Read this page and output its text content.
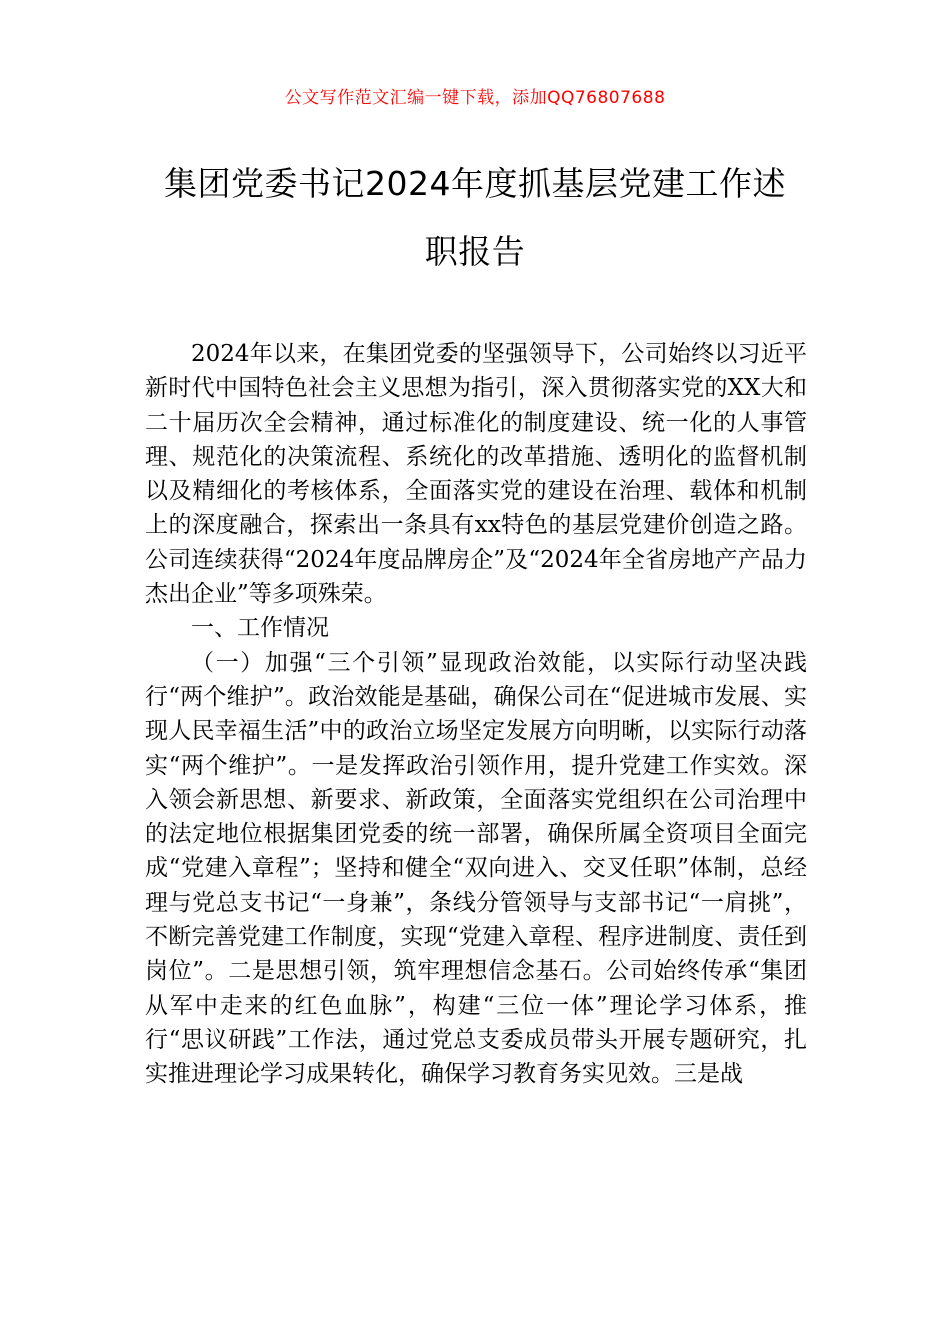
公文写作范文汇编一键下载，添加QQ76807688
集团党委书记2024年度抓基层党建工作述
职报告

2024年以来，在集团党委的坚强领导下，公司始终以习近平新时代中国特色社会主义思想为指引，深入贯彻落实党的XX大和二十届历次全会精神，通过标准化的制度建设、统一化的人事管理、规范化的决策流程、系统化的改革措施、透明化的监督机制以及精细化的考核体系，全面落实党的建设在治理、载体和机制上的深度融合，探索出一条具有xx特色的基层党建价创造之路。公司连续获得“2024年度品牌房企”及“2024年全省房地产产品力杰出企业”等多项殊荣。

一、工作情况

（一）加强“三个引领”显现政治效能，以实际行动坚决践行“两个维护”。政治效能是基础，确保公司在“促进城市发展、实现人民幸福生活”中的政治立场坚定发展方向明晰，以实际行动落实“两个维护”。一是发挥政治引领作用，提升党建工作实效。深入领会新思想、新要求、新政策，全面落实党组织在公司治理中的法定地位根据集团党委的统一部署，确保所属全资项目全面完成“党建入章程”；坚持和健全“双向进入、交叉任职”体制，总经理与党总支书记“一身兼”，条线分管领导与支部书记“一肩挑”，不断完善党建工作制度，实现“党建入章程、程序进制度、责任到岗位”。二是思想引领，筑牢理想信念基石。公司始终传承“集团从军中走来的红色血脉”，构建“三位一体”理论学习体系，推行“思议研践”工作法，通过党总支委成员带头开展专题研究，扎实推进理论学习成果转化，确保学习教育务实见效。三是战
